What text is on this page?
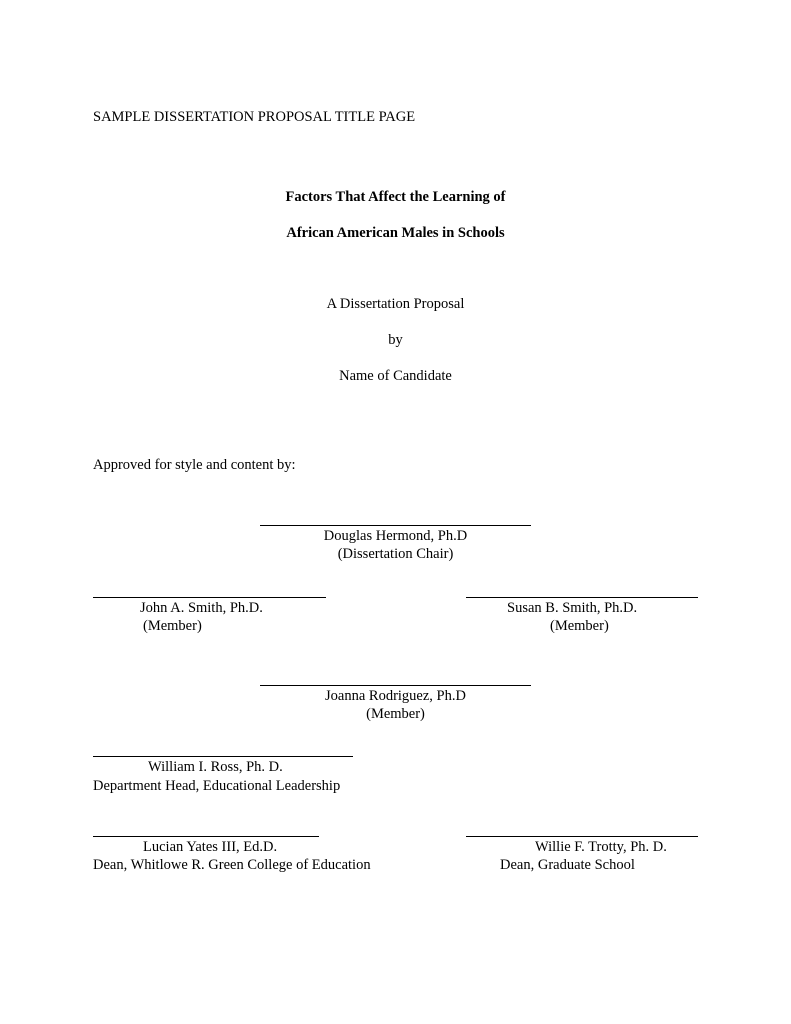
SAMPLE DISSERTATION PROPOSAL TITLE PAGE
Factors That Affect the Learning of
African American Males in Schools
A Dissertation Proposal
by
Name of Candidate
Approved for style and content by:
Douglas Hermond, Ph.D
(Dissertation Chair)
John A. Smith, Ph.D.
(Member)
Susan B. Smith, Ph.D.
(Member)
Joanna Rodriguez, Ph.D
(Member)
William I. Ross, Ph. D.
Department Head, Educational Leadership
Lucian Yates III, Ed.D.
Dean, Whitlowe R. Green College of Education
Willie F. Trotty, Ph. D.
Dean, Graduate School
